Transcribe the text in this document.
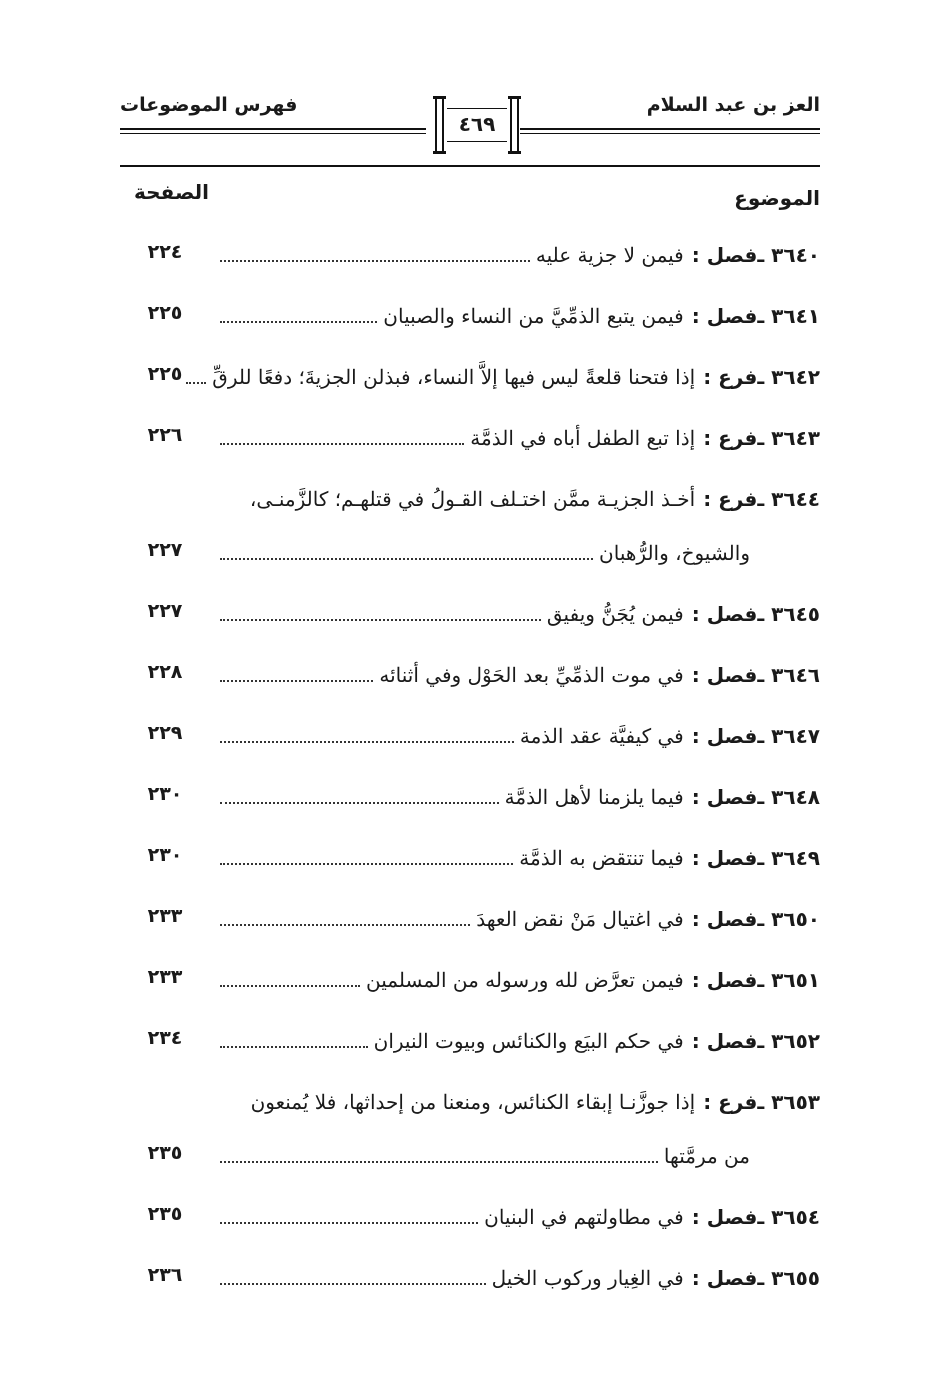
العز بن عبد السلام
فهرس الموضوعات
٤٦٩
الموضوع
الصفحة
٣٦٤٠ ـ
فصل :
فيمن لا جزية عليه
٢٢٤
٣٦٤١ ـ
فصل :
فيمن يتبع الذمِّيَّ من النساء والصبيان
٢٢٥
٣٦٤٢ ـ
فرع :
إذا فتحنا قلعةً ليس فيها إلاَّ النساء، فبذلن الجزيةَ؛ دفعًا للرقِّ
٢٢٥
٣٦٤٣ ـ
فرع :
إذا تبع الطفل أباه في الذمَّة
٢٢٦
٣٦٤٤ ـ
فرع :
أخـذ الجزيـة ممَّن اختـلف القـولُ في قتلهـم؛ كالزَّمنـى،
والشيوخ، والرُّهبان
٢٢٧
٣٦٤٥ ـ
فصل :
فيمن يُجَنُّ ويفيق
٢٢٧
٣٦٤٦ ـ
فصل :
في موت الذمِّيِّ بعد الحَوْل وفي أثنائه
٢٢٨
٣٦٤٧ ـ
فصل :
في كيفيَّة عقد الذمة
٢٢٩
٣٦٤٨ ـ
فصل :
فيما يلزمنا لأهل الذمَّة
٢٣٠
٣٦٤٩ ـ
فصل :
فيما تنتقض به الذمَّة
٢٣٠
٣٦٥٠ ـ
فصل :
في اغتيال مَنْ نقض العهدَ
٢٣٣
٣٦٥١ ـ
فصل :
فيمن تعرَّض لله ورسوله من المسلمين
٢٣٣
٣٦٥٢ ـ
فصل :
في حكم البيَع والكنائس وبيوت النيران
٢٣٤
٣٦٥٣ ـ
فرع :
إذا جوزَّنـا إبقاء الكنائس، ومنعنا من إحداثها، فلا يُمنعون
من مرمَّتها
٢٣٥
٣٦٥٤ ـ
فصل :
في مطاولتهم في البنيان
٢٣٥
٣٦٥٥ ـ
فصل :
في الغِيار وركوب الخيل
٢٣٦
